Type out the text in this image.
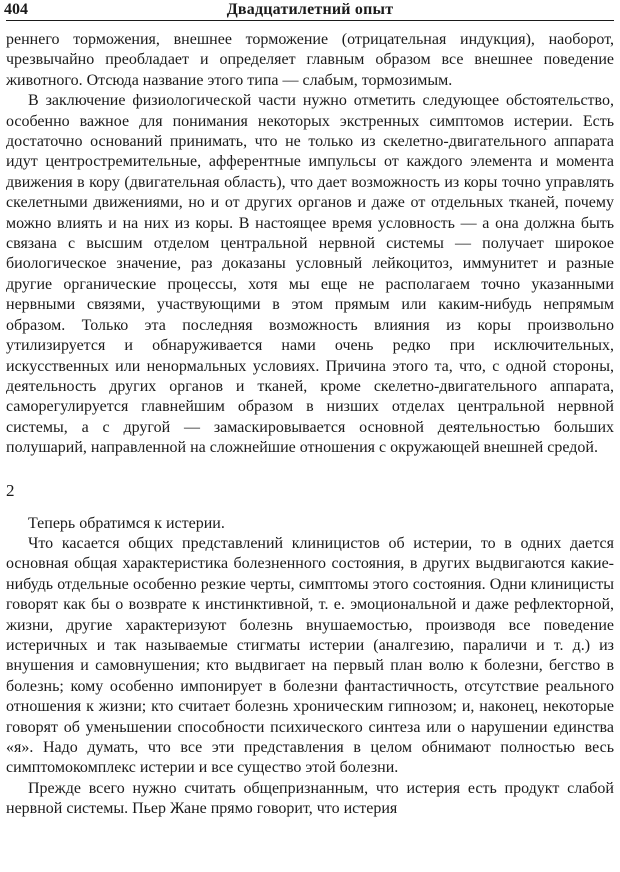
404	Двадцатилетний опыт

реннего торможения, внешнее торможение (отрицательная индукция), наоборот, чрезвычайно преобладает и определяет главным образом все внешнее поведение животного. Отсюда название этого типа — слабым, тормозимым.

В заключение физиологической части нужно отметить следующее обстоятельство, особенно важное для понимания некоторых экстренных симптомов истерии. Есть достаточно оснований принимать, что не только из скелетно-двигательного аппарата идут центростремительные, афферентные импульсы от каждого элемента и момента движения в кору (двигательная область), что дает возможность из коры точно управлять скелетными движениями, но и от других органов и даже от отдельных тканей, почему можно влиять и на них из коры. В настоящее время условность — а она должна быть связана с высшим отделом центральной нервной системы — получает широкое биологическое значение, раз доказаны условный лейкоцитоз, иммунитет и разные другие органические процессы, хотя мы еще не располагаем точно указанными нервными связями, участвующими в этом прямым или каким-нибудь непрямым образом. Только эта последняя возможность влияния из коры произвольно утилизируется и обнаруживается нами очень редко при исключительных, искусственных или ненормальных условиях. Причина этого та, что, с одной стороны, деятельность других органов и тканей, кроме скелетно-двигательного аппарата, саморегулируется главнейшим образом в низших отделах центральной нервной системы, а с другой — замаскировывается основной деятельностью больших полушарий, направленной на сложнейшие отношения с окружающей внешней средой.

2

Теперь обратимся к истерии.

Что касается общих представлений клиницистов об истерии, то в одних дается основная общая характеристика болезненного состояния, в других выдвигаются какие-нибудь отдельные особенно резкие черты, симптомы этого состояния. Одни клиницисты говорят как бы о возврате к инстинктивной, т. е. эмоциональной и даже рефлекторной, жизни, другие характеризуют болезнь внушаемостью, производя все поведение истеричных и так называемые стигматы истерии (аналгезию, параличи и т. д.) из внушения и самовнушения; кто выдвигает на первый план волю к болезни, бегство в болезнь; кому особенно импонирует в болезни фантастичность, отсутствие реального отношения к жизни; кто считает болезнь хроническим гипнозом; и, наконец, некоторые говорят об уменьшении способности психического синтеза или о нарушении единства «я». Надо думать, что все эти представления в целом обнимают полностью весь симптомокомплекс истерии и все существо этой болезни.

Прежде всего нужно считать общепризнанным, что истерия есть продукт слабой нервной системы. Пьер Жане прямо говорит, что истерия
